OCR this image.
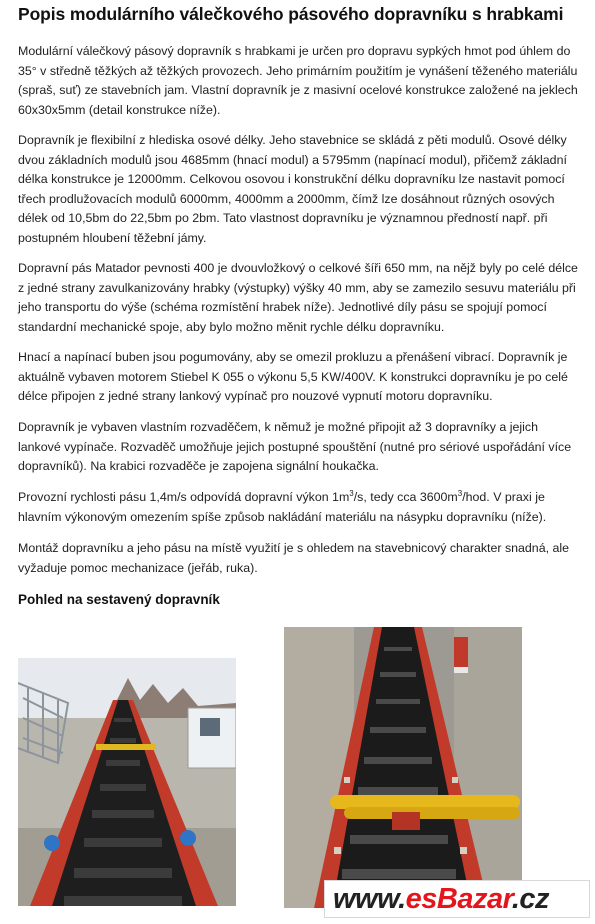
Popis modulárního válečkového pásového dopravníku s hrabkami

Modulární válečkový pásový dopravník s hrabkami je určen pro dopravu sypkých hmot pod úhlem do 35° v středně těžkých až těžkých provozech. Jeho primárním použitím je vynášení těženého materiálu (spraš, suť) ze stavebních jam. Vlastní dopravník je z masivní ocelové konstrukce založené na jeklech 60x30x5mm (detail konstrukce níže).

Dopravník je flexibilní z hlediska osové délky. Jeho stavebnice se skládá z pěti modulů. Osové délky dvou základních modulů jsou 4685mm (hnací modul) a 5795mm (napínací modul), přičemž základní délka konstrukce je 12000mm. Celkovou osovou i konstrukční délku dopravníku lze nastavit pomocí třech prodlužovacích modulů 6000mm, 4000mm a 2000mm, čímž lze dosáhnout různých osových délek od 10,5bm do 22,5bm po 2bm. Tato vlastnost dopravníku je významnou předností např. při postupném hloubení těžební jámy.

Dopravní pás Matador pevnosti 400 je dvouvložkový o celkové šíři 650 mm, na nějž byly po celé délce z jedné strany zavulkanizovány hrabky (výstupky) výšky 40 mm, aby se zamezilo sesuvu materiálu při jeho transportu do výše (schéma rozmístění hrabek níže). Jednotlivé díly pásu se spojují pomocí standardní mechanické spoje, aby bylo možno měnit rychle délku dopravníku.

Hnací a napínací buben jsou pogumovány, aby se omezil prokluzu a přenášení vibrací. Dopravník je aktuálně vybaven motorem Stiebel K 055 o výkonu 5,5 KW/400V. K konstrukci dopravníku je po celé délce připojen z jedné strany lankový vypínač pro nouzové vypnutí motoru dopravníku.

Dopravník je vybaven vlastním rozvaděčem, k němuž je možné připojit až 3 dopravníky a jejich lankové vypínače. Rozvaděč umožňuje jejich postupné spouštění (nutné pro sériové uspořádání více dopravníků). Na krabici rozvaděče je zapojena signální houkačka.

Provozní rychlosti pásu 1,4m/s odpovídá dopravní výkon $1m^3/s$, tedy cca $3600m^3$/hod. V praxi je hlavním výkonovým omezením spíše způsob nakládání materiálu na násypku dopravníku (níže).

Montáž dopravníku a jeho pásu na místě využití je s ohledem na stavebnicový charakter snadná, ale vyžaduje pomoc mechanizace (jeřáb, ruka).

Pohled na sestavený dopravník
www.esBazar.cz
